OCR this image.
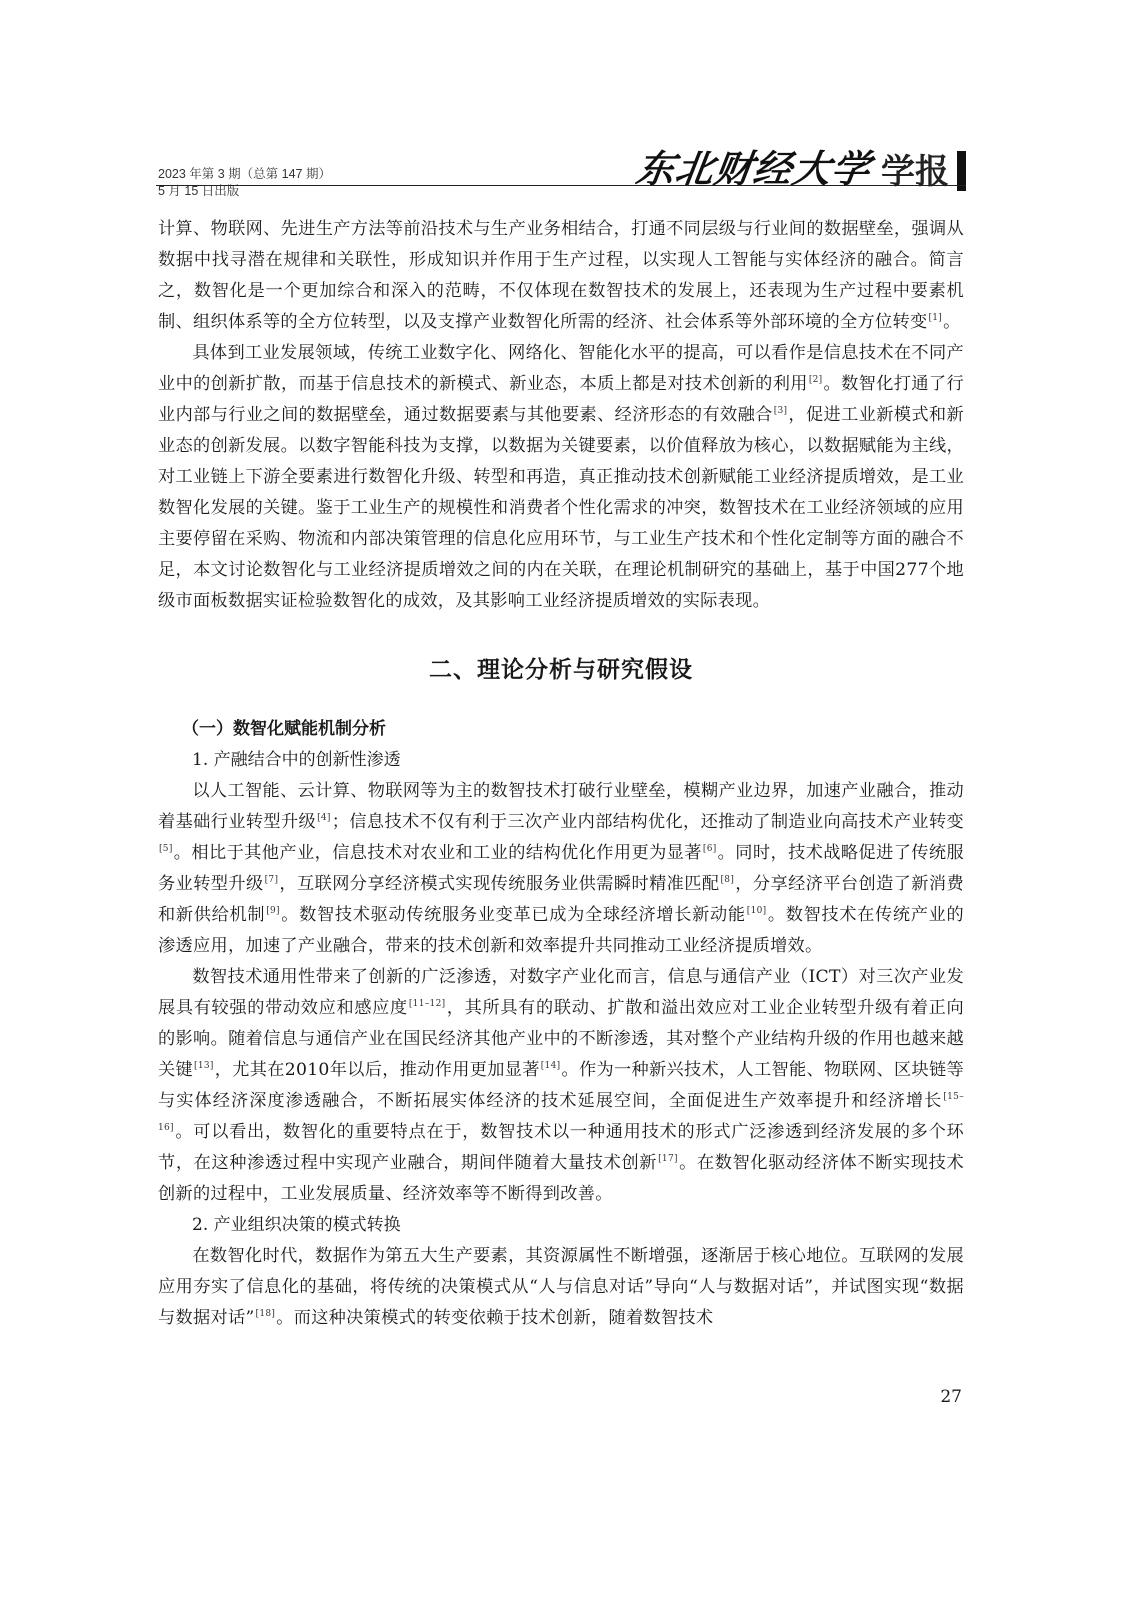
2023 年第 3 期（总第 147 期）
5 月 15 日出版	东北财经大学 学报

计算、物联网、先进生产方法等前沿技术与生产业务相结合，打通不同层级与行业间的数据壁垒，强调从数据中找寻潜在规律和关联性，形成知识并作用于生产过程，以实现人工智能与实体经济的融合。简言之，数智化是一个更加综合和深入的范畴，不仅体现在数智技术的发展上，还表现为生产过程中要素机制、组织体系等的全方位转型，以及支撑产业数智化所需的经济、社会体系等外部环境的全方位转变[1]。

具体到工业发展领域，传统工业数字化、网络化、智能化水平的提高，可以看作是信息技术在不同产业中的创新扩散，而基于信息技术的新模式、新业态，本质上都是对技术创新的利用[2]。数智化打通了行业内部与行业之间的数据壁垒，通过数据要素与其他要素、经济形态的有效融合[3]，促进工业新模式和新业态的创新发展。以数字智能科技为支撑，以数据为关键要素，以价值释放为核心，以数据赋能为主线，对工业链上下游全要素进行数智化升级、转型和再造，真正推动技术创新赋能工业经济提质增效，是工业数智化发展的关键。鉴于工业生产的规模性和消费者个性化需求的冲突，数智技术在工业经济领域的应用主要停留在采购、物流和内部决策管理的信息化应用环节，与工业生产技术和个性化定制等方面的融合不足，本文讨论数智化与工业经济提质增效之间的内在关联，在理论机制研究的基础上，基于中国277个地级市面板数据实证检验数智化的成效，及其影响工业经济提质增效的实际表现。

二、理论分析与研究假设
（一）数智化赋能机制分析
1. 产融结合中的创新性渗透

以人工智能、云计算、物联网等为主的数智技术打破行业壁垒，模糊产业边界，加速产业融合，推动着基础行业转型升级[4]；信息技术不仅有利于三次产业内部结构优化，还推动了制造业向高技术产业转变[5]。相比于其他产业，信息技术对农业和工业的结构优化作用更为显著[6]。同时，技术战略促进了传统服务业转型升级[7]，互联网分享经济模式实现传统服务业供需瞬时精准匹配[8]，分享经济平台创造了新消费和新供给机制[9]。数智技术驱动传统服务业变革已成为全球经济增长新动能[10]。数智技术在传统产业的渗透应用，加速了产业融合，带来的技术创新和效率提升共同推动工业经济提质增效。

数智技术通用性带来了创新的广泛渗透，对数字产业化而言，信息与通信产业（ICT）对三次产业发展具有较强的带动效应和感应度[11–12]，其所具有的联动、扩散和溢出效应对工业企业转型升级有着正向的影响。随着信息与通信产业在国民经济其他产业中的不断渗透，其对整个产业结构升级的作用也越来越关键[13]，尤其在2010年以后，推动作用更加显著[14]。作为一种新兴技术，人工智能、物联网、区块链等与实体经济深度渗透融合，不断拓展实体经济的技术延展空间，全面促进生产效率提升和经济增长[15–16]。可以看出，数智化的重要特点在于，数智技术以一种通用技术的形式广泛渗透到经济发展的多个环节，在这种渗透过程中实现产业融合，期间伴随着大量技术创新[17]。在数智化驱动经济体不断实现技术创新的过程中，工业发展质量、经济效率等不断得到改善。

2. 产业组织决策的模式转换

在数智化时代，数据作为第五大生产要素，其资源属性不断增强，逐渐居于核心地位。互联网的发展应用夯实了信息化的基础，将传统的决策模式从“人与信息对话”导向“人与数据对话”，并试图实现“数据与数据对话”[18]。而这种决策模式的转变依赖于技术创新，随着数智技术

27
